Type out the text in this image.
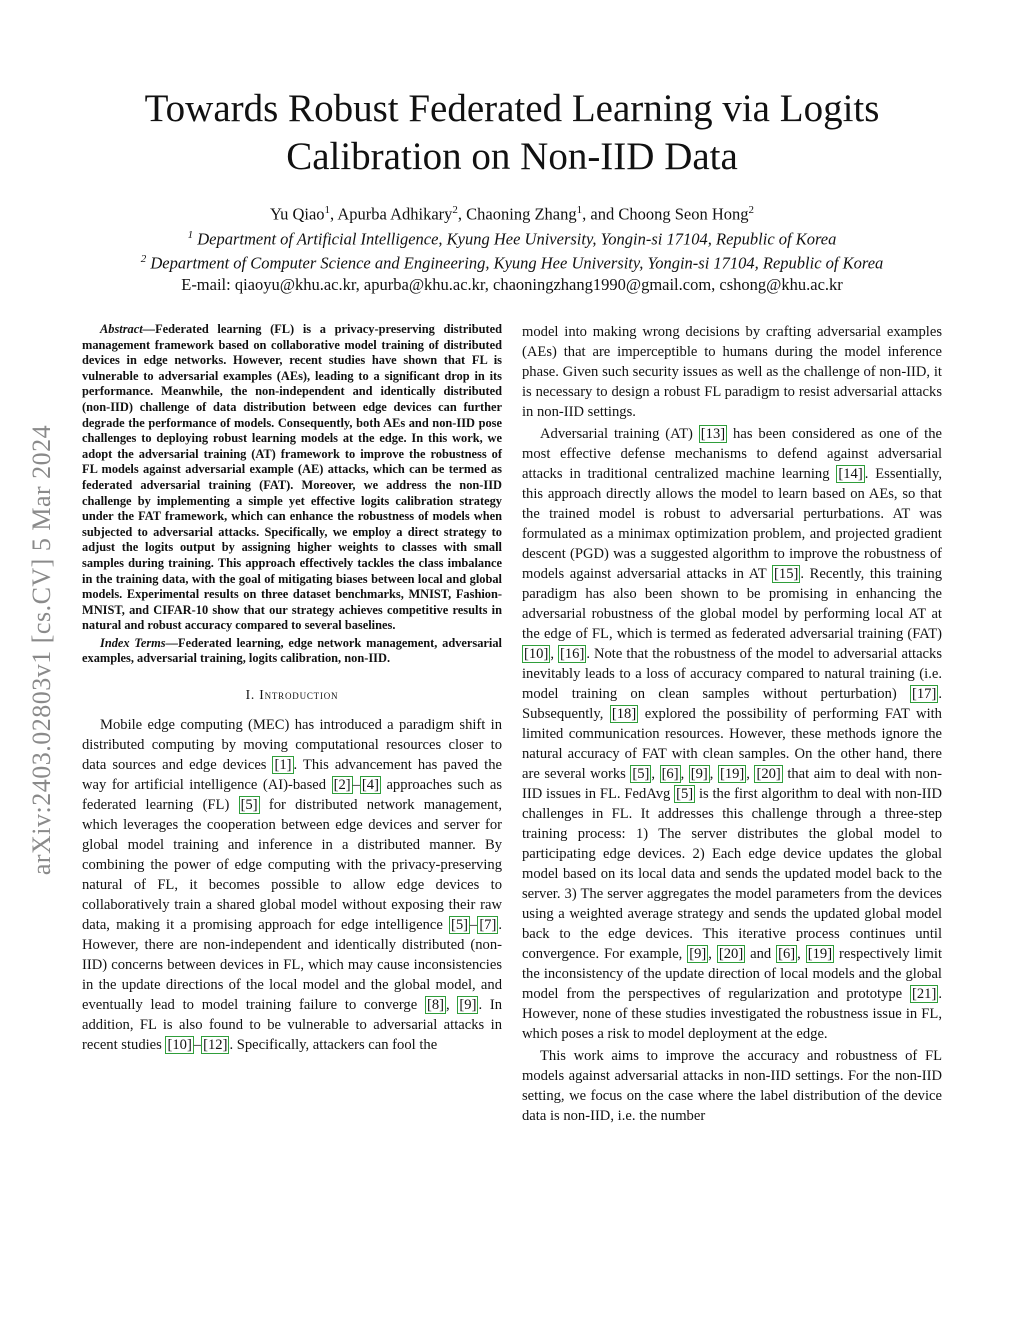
arXiv:2403.02803v1 [cs.CV] 5 Mar 2024
Towards Robust Federated Learning via Logits
Calibration on Non-IID Data
Yu Qiao$^1$, Apurba Adhikary$^2$, Chaoning Zhang$^1$, and Choong Seon Hong$^2$
$^1$ Department of Artificial Intelligence, Kyung Hee University, Yongin-si 17104, Republic of Korea
$^2$ Department of Computer Science and Engineering, Kyung Hee University, Yongin-si 17104, Republic of Korea
E-mail: qiaoyu@khu.ac.kr, apurba@khu.ac.kr, chaoningzhang1990@gmail.com, cshong@khu.ac.kr

Abstract—Federated learning (FL) is a privacy-preserving distributed management framework based on collaborative model training of distributed devices in edge networks. However, recent studies have shown that FL is vulnerable to adversarial examples (AEs), leading to a significant drop in its performance. Meanwhile, the non-independent and identically distributed (non-IID) challenge of data distribution between edge devices can further degrade the performance of models. Consequently, both AEs and non-IID pose challenges to deploying robust learning models at the edge. In this work, we adopt the adversarial training (AT) framework to improve the robustness of FL models against adversarial example (AE) attacks, which can be termed as federated adversarial training (FAT). Moreover, we address the non-IID challenge by implementing a simple yet effective logits calibration strategy under the FAT framework, which can enhance the robustness of models when subjected to adversarial attacks. Specifically, we employ a direct strategy to adjust the logits output by assigning higher weights to classes with small samples during training. This approach effectively tackles the class imbalance in the training data, with the goal of mitigating biases between local and global models. Experimental results on three dataset benchmarks, MNIST, Fashion-MNIST, and CIFAR-10 show that our strategy achieves competitive results in natural and robust accuracy compared to several baselines.

Index Terms—Federated learning, edge network management, adversarial examples, adversarial training, logits calibration, non-IID.

I. Introduction

Mobile edge computing (MEC) has introduced a paradigm shift in distributed computing by moving computational resources closer to data sources and edge devices [1] . This advancement has paved the way for artificial intelligence (AI)-based [2] – [4] approaches such as federated learning (FL) [5] for distributed network management, which leverages the cooperation between edge devices and server for global model training and inference in a distributed manner. By combining the power of edge computing with the privacy-preserving natural of FL, it becomes possible to allow edge devices to collaboratively train a shared global model without exposing their raw data, making it a promising approach for edge intelligence [5] – [7] . However, there are non-independent and identically distributed (non-IID) concerns between devices in FL, which may cause inconsistencies in the update directions of the local model and the global model, and eventually lead to model training failure to converge [8] , [9] . In addition, FL is also found to be vulnerable to adversarial attacks in recent studies [10] – [12] . Specifically, attackers can fool the

model into making wrong decisions by crafting adversarial examples (AEs) that are imperceptible to humans during the model inference phase. Given such security issues as well as the challenge of non-IID, it is necessary to design a robust FL paradigm to resist adversarial attacks in non-IID settings.

Adversarial training (AT) [13] has been considered as one of the most effective defense mechanisms to defend against adversarial attacks in traditional centralized machine learning [14] . Essentially, this approach directly allows the model to learn based on AEs, so that the trained model is robust to adversarial perturbations. AT was formulated as a minimax optimization problem, and projected gradient descent (PGD) was a suggested algorithm to improve the robustness of models against adversarial attacks in AT [15] . Recently, this training paradigm has also been shown to be promising in enhancing the adversarial robustness of the global model by performing local AT at the edge of FL, which is termed as federated adversarial training (FAT) [10] , [16] . Note that the robustness of the model to adversarial attacks inevitably leads to a loss of accuracy compared to natural training (i.e. model training on clean samples without perturbation) [17] . Subsequently, [18] explored the possibility of performing FAT with limited communication resources. However, these methods ignore the natural accuracy of FAT with clean samples. On the other hand, there are several works [5] , [6] , [9] , [19] , [20] that aim to deal with non-IID issues in FL. FedAvg [5] is the first algorithm to deal with non-IID challenges in FL. It addresses this challenge through a three-step training process: 1) The server distributes the global model to participating edge devices. 2) Each edge device updates the global model based on its local data and sends the updated model back to the server. 3) The server aggregates the model parameters from the devices using a weighted average strategy and sends the updated global model back to the edge devices. This iterative process continues until convergence. For example, [9] , [20] and [6] , [19] respectively limit the inconsistency of the update direction of local models and the global model from the perspectives of regularization and prototype [21] . However, none of these studies investigated the robustness issue in FL, which poses a risk to model deployment at the edge.

This work aims to improve the accuracy and robustness of FL models against adversarial attacks in non-IID settings. For the non-IID setting, we focus on the case where the label distribution of the device data is non-IID, i.e. the number
